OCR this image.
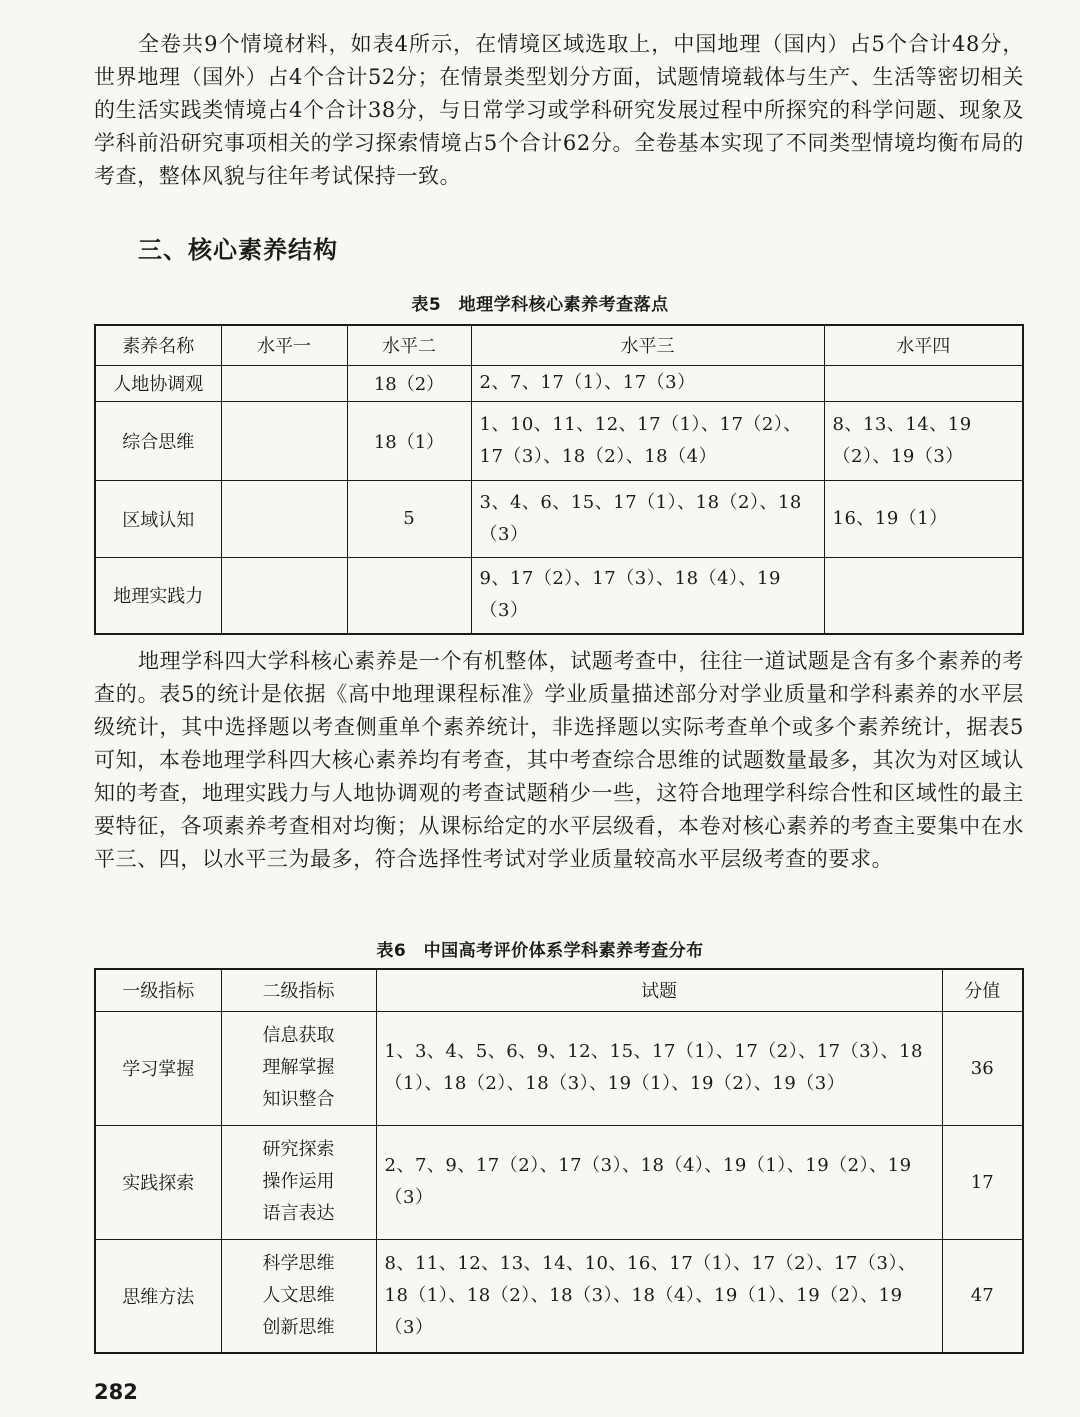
全卷共9个情境材料，如表4所示，在情境区域选取上，中国地理（国内）占5个合计48分，世界地理（国外）占4个合计52分；在情景类型划分方面，试题情境载体与生产、生活等密切相关的生活实践类情境占4个合计38分，与日常学习或学科研究发展过程中所探究的科学问题、现象及学科前沿研究事项相关的学习探索情境占5个合计62分。全卷基本实现了不同类型情境均衡布局的考查，整体风貌与往年考试保持一致。

三、核心素养结构
表5　地理学科核心素养考查落点
素养名称	水平一	水平二	水平三	水平四
人地协调观		18（2）	2、7、17（1）、17（3）	
综合思维		18（1）	1、10、11、12、17（1）、17（2）、17（3）、18（2）、18（4）	8、13、14、19（2）、19（3）
区域认知		5	3、4、6、15、17（1）、18（2）、18（3）	16、19（1）
地理实践力			9、17（2）、17（3）、18（4）、19（3）	

地理学科四大学科核心素养是一个有机整体，试题考查中，往往一道试题是含有多个素养的考查的。表5的统计是依据《高中地理课程标准》学业质量描述部分对学业质量和学科素养的水平层级统计，其中选择题以考查侧重单个素养统计，非选择题以实际考查单个或多个素养统计，据表5可知，本卷地理学科四大核心素养均有考查，其中考查综合思维的试题数量最多，其次为对区域认知的考查，地理实践力与人地协调观的考查试题稍少一些，这符合地理学科综合性和区域性的最主要特征，各项素养考查相对均衡；从课标给定的水平层级看，本卷对核心素养的考查主要集中在水平三、四，以水平三为最多，符合选择性考试对学业质量较高水平层级考查的要求。

表6　中国高考评价体系学科素养考查分布
一级指标	二级指标	试题	分值
学习掌握	信息获取
理解掌握
知识整合	1、3、4、5、6、9、12、15、17（1）、17（2）、17（3）、18（1）、18（2）、18（3）、19（1）、19（2）、19（3）	36
实践探索	研究探索
操作运用
语言表达	2、7、9、17（2）、17（3）、18（4）、19（1）、19（2）、19（3）	17
思维方法	科学思维
人文思维
创新思维	8、11、12、13、14、10、16、17（1）、17（2）、17（3）、18（1）、18（2）、18（3）、18（4）、19（1）、19（2）、19（3）	47
282
